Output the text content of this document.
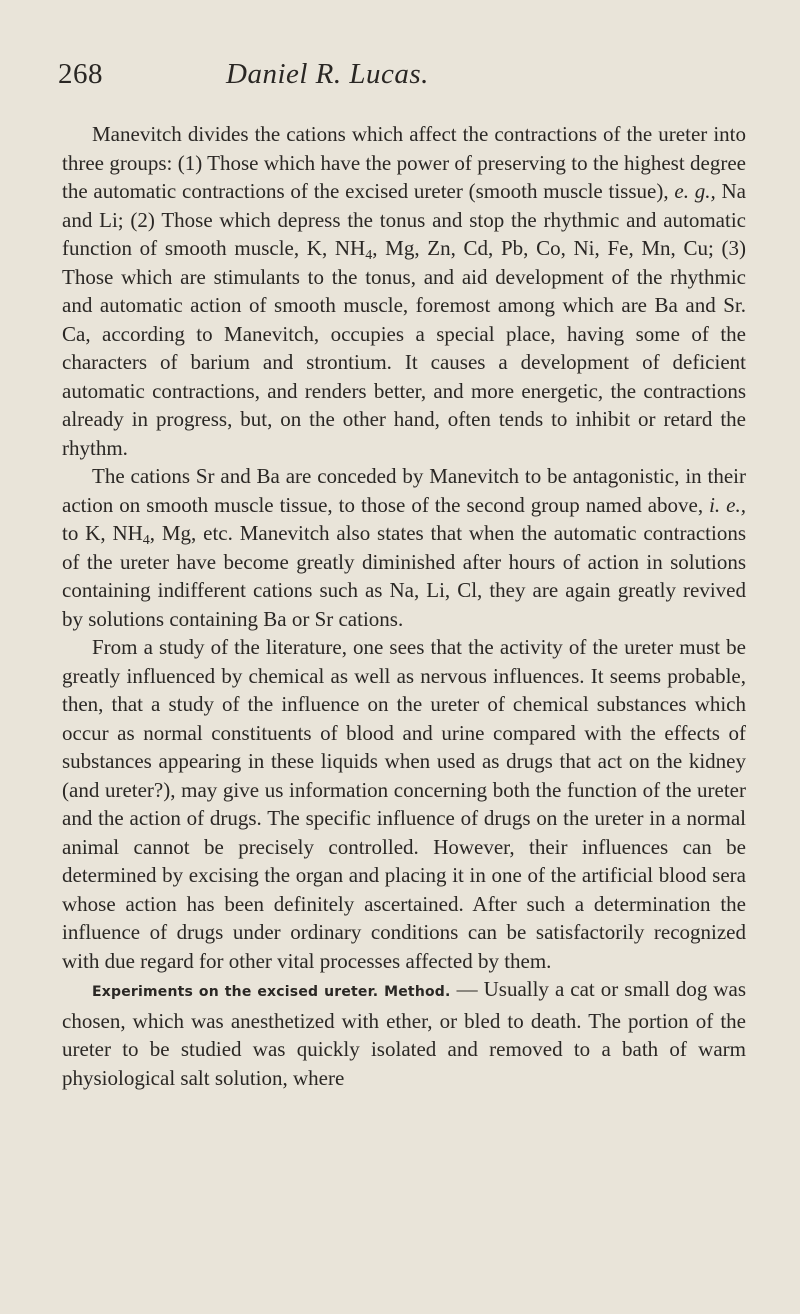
268	Daniel R. Lucas.

Manevitch divides the cations which affect the contractions of the ureter into three groups: (1) Those which have the power of preserving to the highest degree the automatic contractions of the excised ureter (smooth muscle tissue), e. g., Na and Li; (2) Those which depress the tonus and stop the rhythmic and automatic function of smooth muscle, K, $NH_4$, Mg, Zn, Cd, Pb, Co, Ni, Fe, Mn, Cu; (3) Those which are stimulants to the tonus, and aid development of the rhythmic and automatic action of smooth muscle, foremost among which are Ba and Sr. Ca, according to Manevitch, occupies a special place, having some of the characters of barium and strontium. It causes a development of deficient automatic contractions, and renders better, and more energetic, the contractions already in progress, but, on the other hand, often tends to inhibit or retard the rhythm.

The cations Sr and Ba are conceded by Manevitch to be antagonistic, in their action on smooth muscle tissue, to those of the second group named above, i. e., to K, $NH_4$, Mg, etc. Manevitch also states that when the automatic contractions of the ureter have become greatly diminished after hours of action in solutions containing indifferent cations such as Na, Li, Cl, they are again greatly revived by solutions containing Ba or Sr cations.

From a study of the literature, one sees that the activity of the ureter must be greatly influenced by chemical as well as nervous influences. It seems probable, then, that a study of the influence on the ureter of chemical substances which occur as normal constituents of blood and urine compared with the effects of substances appearing in these liquids when used as drugs that act on the kidney (and ureter?), may give us information concerning both the function of the ureter and the action of drugs. The specific influence of drugs on the ureter in a normal animal cannot be precisely controlled. However, their influences can be determined by excising the organ and placing it in one of the artificial blood sera whose action has been definitely ascertained. After such a determination the influence of drugs under ordinary conditions can be satisfactorily recognized with due regard for other vital processes affected by them.

Experiments on the excised ureter. Method. — Usually a cat or small dog was chosen, which was anesthetized with ether, or bled to death. The portion of the ureter to be studied was quickly isolated and removed to a bath of warm physiological salt solution, where
